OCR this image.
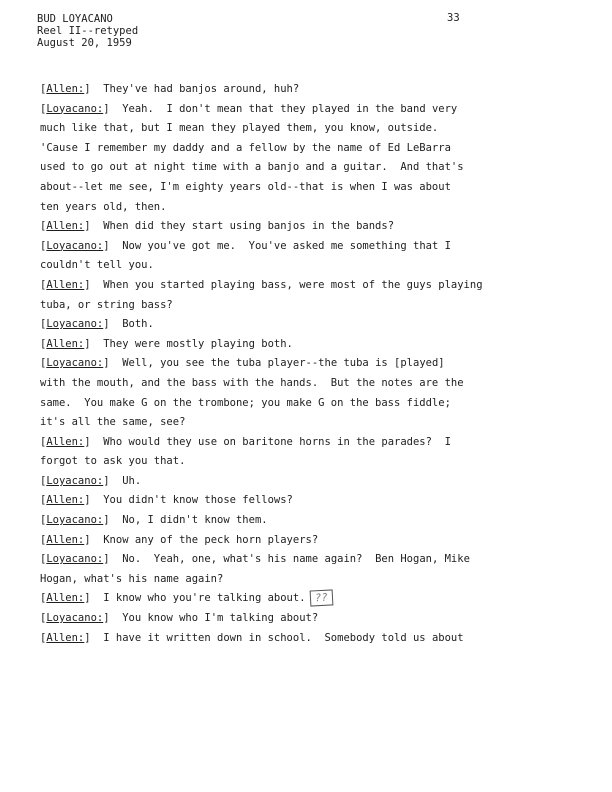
BUD LOYACANO
Reel II--retyped
August 20, 1959
33
[Allen:]  They've had banjos around, huh?
[Loyacano:]  Yeah.  I don't mean that they played in the band very
much like that, but I mean they played them, you know, outside.
'Cause I remember my daddy and a fellow by the name of Ed LeBarra
used to go out at night time with a banjo and a guitar.  And that's
about--let me see, I'm eighty years old--that is when I was about
ten years old, then.
[Allen:]  When did they start using banjos in the bands?
[Loyacano:]  Now you've got me.  You've asked me something that I
couldn't tell you.
[Allen:]  When you started playing bass, were most of the guys playing
tuba, or string bass?
[Loyacano:]  Both.
[Allen:]  They were mostly playing both.
[Loyacano:]  Well, you see the tuba player--the tuba is [played]
with the mouth, and the bass with the hands.  But the notes are the
same.  You make G on the trombone; you make G on the bass fiddle;
it's all the same, see?
[Allen:]  Who would they use on baritone horns in the parades?  I
forgot to ask you that.
[Loyacano:]  Uh.
[Allen:]  You didn't know those fellows?
[Loyacano:]  No, I didn't know them.
[Allen:]  Know any of the peck horn players?
[Loyacano:]  No.  Yeah, one, what's his name again?  Ben Hogan, Mike
Hogan, what's his name again?
[Allen:]  I know who you're talking about. ??
[Loyacano:]  You know who I'm talking about?
[Allen:]  I have it written down in school.  Somebody told us about
